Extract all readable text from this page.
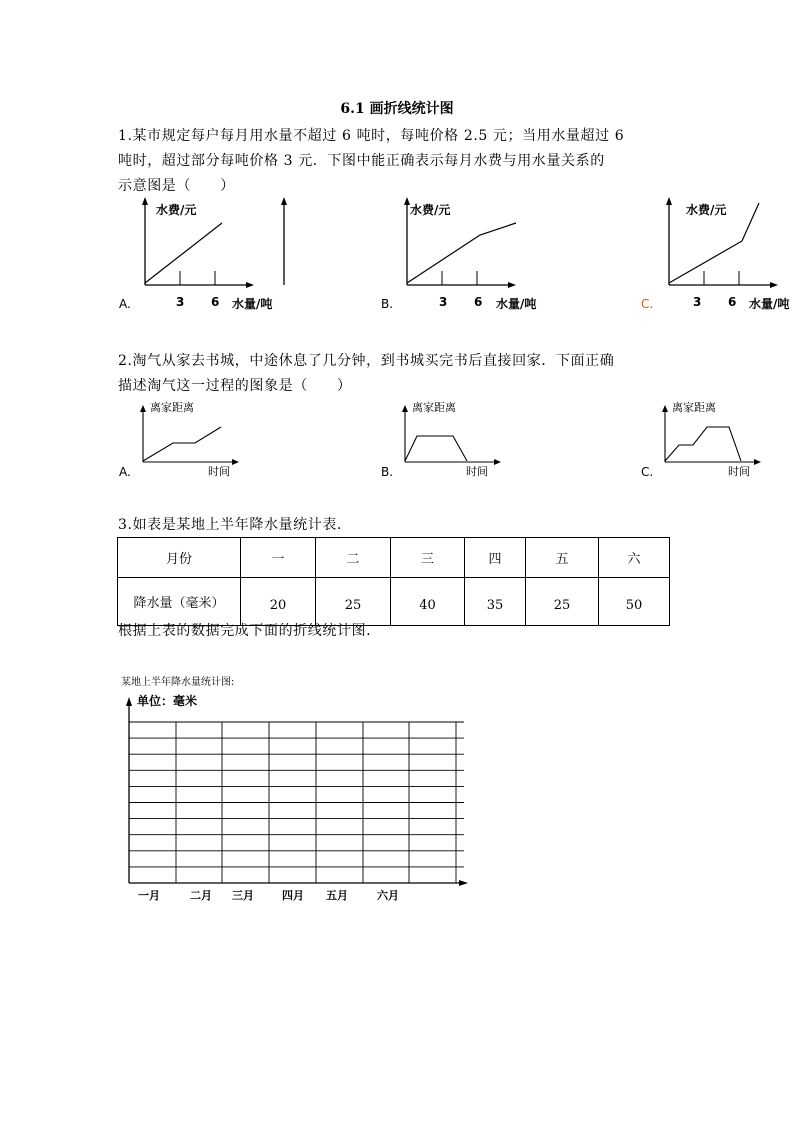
6.1 画折线统计图
1.某市规定每户每月用水量不超过 6 吨时，每吨价格 2.5 元；当用水量超过 6
吨时，超过部分每吨价格 3 元．下图中能正确表示每月水费与用水量关系的
示意图是（　　）
水费/元
A.	3 6 水量/吨
水费/元
B.	3 6 水量/吨
水费/元
C.	3 6 水量/吨
2.淘气从家去书城，中途休息了几分钟，到书城买完书后直接回家．下面正确
描述淘气这一过程的图象是（　　）
离家距离
时间
A.
离家距离
时间
B.
离家距离
时间
C.
3.如表是某地上半年降水量统计表．
月份	一	二	三	四	五	六
降水量（毫米）	20	25	40	35	25	50
根据上表的数据完成下面的折线统计图．
某地上半年降水量统计图:
单位：毫米
一月	二月 三月	四月 五月	六月
